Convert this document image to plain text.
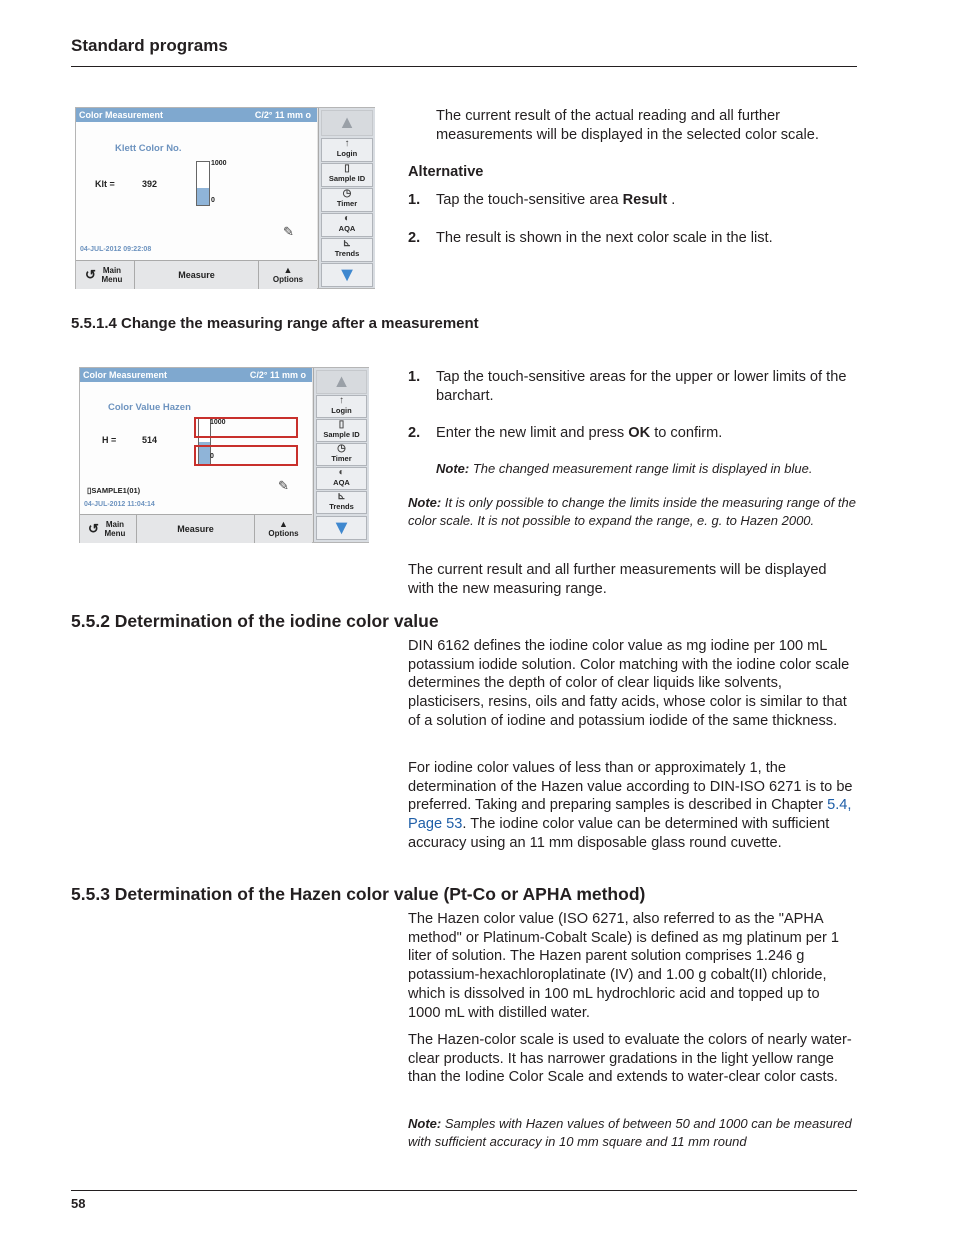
Standard programs
Color Measurement	C/2° 11 mm o
Klett Color No.
Klt =	392
1000
0
✎
04-JUL-2012 09:22:08
▲
↑
Login
▯
Sample ID
◷
Timer
◐
AQA
⊾
Trends
▼
↺ Main Menu	Measure	▲
Options
The current result of the actual reading and all further measurements will be displayed in the selected color scale.
Alternative
1. Tap the touch-sensitive area Result .
2. The result is shown in the next color scale in the list.
5.5.1.4 Change the measuring range after a measurement
Color Measurement	C/2° 11 mm o
Color Value Hazen
H =	514
1000
0
▯SAMPLE1(01)	✎
04-JUL-2012 11:04:14
▲
↑
Login
▯
Sample ID
◷
Timer
◐
AQA
⊾
Trends
▼
↺ Main Menu	Measure	▲
Options
1.	Tap the touch-sensitive areas for the upper or lower limits of the barchart.
2. Enter the new limit and press OK to confirm.
Note: The changed measurement range limit is displayed in blue.
Note: It is only possible to change the limits inside the measuring range of the color scale. It is not possible to expand the range, e. g. to Hazen 2000.
The current result and all further measurements will be displayed with the new measuring range.
5.5.2 Determination of the iodine color value
DIN 6162 defines the iodine color value as mg iodine per 100 mL potassium iodide solution. Color matching with the iodine color scale determines the depth of color of clear liquids like solvents, plasticisers, resins, oils and fatty acids, whose color is similar to that of a solution of iodine and potassium iodide of the same thickness.
For iodine color values of less than or approximately 1, the determination of the Hazen value according to DIN-ISO 6271 is to be preferred. Taking and preparing samples is described in Chapter 5.4, Page 53. The iodine color value can be determined with sufficient accuracy using an 11 mm disposable glass round cuvette.
5.5.3 Determination of the Hazen color value (Pt-Co or APHA method)
The Hazen color value (ISO 6271, also referred to as the "APHA method" or Platinum-Cobalt Scale) is defined as mg platinum per 1 liter of solution. The Hazen parent solution comprises 1.246 g potassium-hexachloroplatinate (IV) and 1.00 g cobalt(II) chloride, which is dissolved in 100 mL hydrochloric acid and topped up to 1000 mL with distilled water.
The Hazen-color scale is used to evaluate the colors of nearly water-clear products. It has narrower gradations in the light yellow range than the Iodine Color Scale and extends to water-clear color casts.
Note: Samples with Hazen values of between 50 and 1000 can be measured with sufficient accuracy in 10 mm square and 11 mm round
58
